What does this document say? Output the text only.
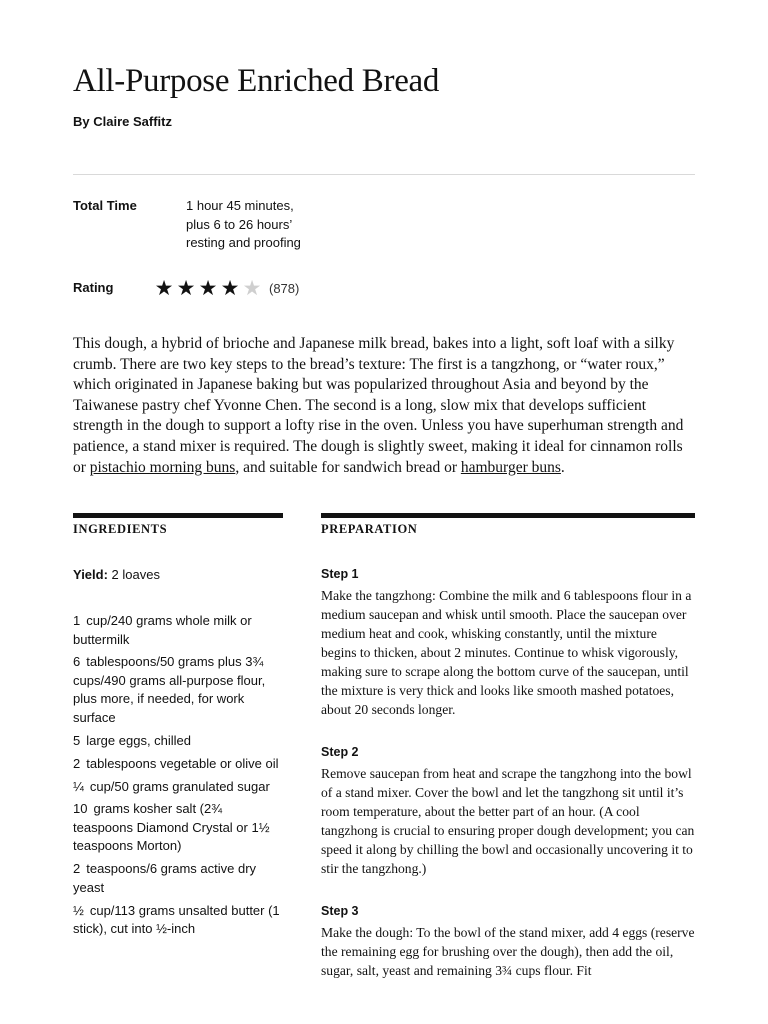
All-Purpose Enriched Bread
By Claire Saffitz
Total Time	1 hour 45 minutes, plus 6 to 26 hours’ resting and proofing
Rating ★ ★ ★ ★ ★ (878)

This dough, a hybrid of brioche and Japanese milk bread, bakes into a light, soft loaf with a silky crumb. There are two key steps to the bread’s texture: The first is a tangzhong, or “water roux,” which originated in Japanese baking but was popularized throughout Asia and beyond by the Taiwanese pastry chef Yvonne Chen. The second is a long, slow mix that develops sufficient strength in the dough to support a lofty rise in the oven. Unless you have superhuman strength and patience, a stand mixer is required. The dough is slightly sweet, making it ideal for cinnamon rolls or pistachio morning buns, and suitable for sandwich bread or hamburger buns.

INGREDIENTS	PREPARATION
Yield: 2 loaves
1 cup/240 grams whole milk or buttermilk
6 tablespoons/50 grams plus 3¾ cups/490 grams all-purpose flour, plus more, if needed, for work surface
5 large eggs, chilled
2 tablespoons vegetable or olive oil
¼ cup/50 grams granulated sugar
10 grams kosher salt (2¾ teaspoons Diamond Crystal or 1½ teaspoons Morton)
2 teaspoons/6 grams active dry yeast
½ cup/113 grams unsalted butter (1 stick), cut into ½-inch
Step 1

Make the tangzhong: Combine the milk and 6 tablespoons flour in a medium saucepan and whisk until smooth. Place the saucepan over medium heat and cook, whisking constantly, until the mixture begins to thicken, about 2 minutes. Continue to whisk vigorously, making sure to scrape along the bottom curve of the saucepan, until the mixture is very thick and looks like smooth mashed potatoes, about 20 seconds longer.

Step 2

Remove saucepan from heat and scrape the tangzhong into the bowl of a stand mixer. Cover the bowl and let the tangzhong sit until it’s room temperature, about the better part of an hour. (A cool tangzhong is crucial to ensuring proper dough development; you can speed it along by chilling the bowl and occasionally uncovering it to stir the tangzhong.)

Step 3

Make the dough: To the bowl of the stand mixer, add 4 eggs (reserve the remaining egg for brushing over the dough), then add the oil, sugar, salt, yeast and remaining 3¾ cups flour. Fit
